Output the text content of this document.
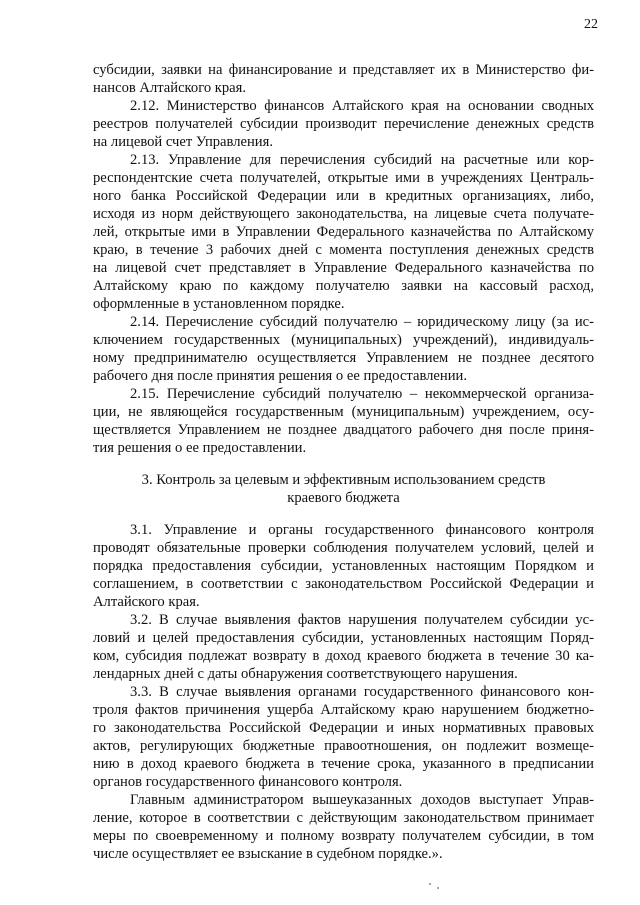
22
субсидии, заявки на финансирование и представляет их в Министерство фи-
нансов Алтайского края.
2.12. Министерство финансов Алтайского края на основании сводных
реестров получателей субсидии производит перечисление денежных средств
на лицевой счет Управления.
2.13. Управление для перечисления субсидий на расчетные или кор-
респондентские счета получателей, открытые ими в учреждениях Централь-
ного банка Российской Федерации или в кредитных организациях, либо,
исходя из норм действующего законодательства, на лицевые счета получате-
лей, открытые ими в Управлении Федерального казначейства по Алтайскому
краю, в течение 3 рабочих дней с момента поступления денежных средств
на лицевой счет представляет в Управление Федерального казначейства по
Алтайскому краю по каждому получателю заявки на кассовый расход,
оформленные в установленном порядке.
2.14. Перечисление субсидий получателю – юридическому лицу (за ис-
ключением государственных (муниципальных) учреждений), индивидуаль-
ному предпринимателю осуществляется Управлением не позднее десятого
рабочего дня после принятия решения о ее предоставлении.
2.15. Перечисление субсидий получателю – некоммерческой организа-
ции, не являющейся государственным (муниципальным) учреждением, осу-
ществляется Управлением не позднее двадцатого рабочего дня после приня-
тия решения о ее предоставлении.
3. Контроль за целевым и эффективным использованием средств
краевого бюджета
3.1. Управление и органы государственного финансового контроля
проводят обязательные проверки соблюдения получателем условий, целей и
порядка предоставления субсидии, установленных настоящим Порядком и
соглашением, в соответствии с законодательством Российской Федерации и
Алтайского края.
3.2. В случае выявления фактов нарушения получателем субсидии ус-
ловий и целей предоставления субсидии, установленных настоящим Поряд-
ком, субсидия подлежат возврату в доход краевого бюджета в течение 30 ка-
лендарных дней с даты обнаружения соответствующего нарушения.
3.3. В случае выявления органами государственного финансового кон-
троля фактов причинения ущерба Алтайскому краю нарушением бюджетно-
го законодательства Российской Федерации и иных нормативных правовых
актов, регулирующих бюджетные правоотношения, он подлежит возмеще-
нию в доход краевого бюджета в течение срока, указанного в предписании
органов государственного финансового контроля.
Главным администратором вышеуказанных доходов выступает Управ-
ление, которое в соответствии с действующим законодательством принимает
меры по своевременному и полному возврату получателем субсидии, в том
числе осуществляет ее взыскание в судебном порядке.».
